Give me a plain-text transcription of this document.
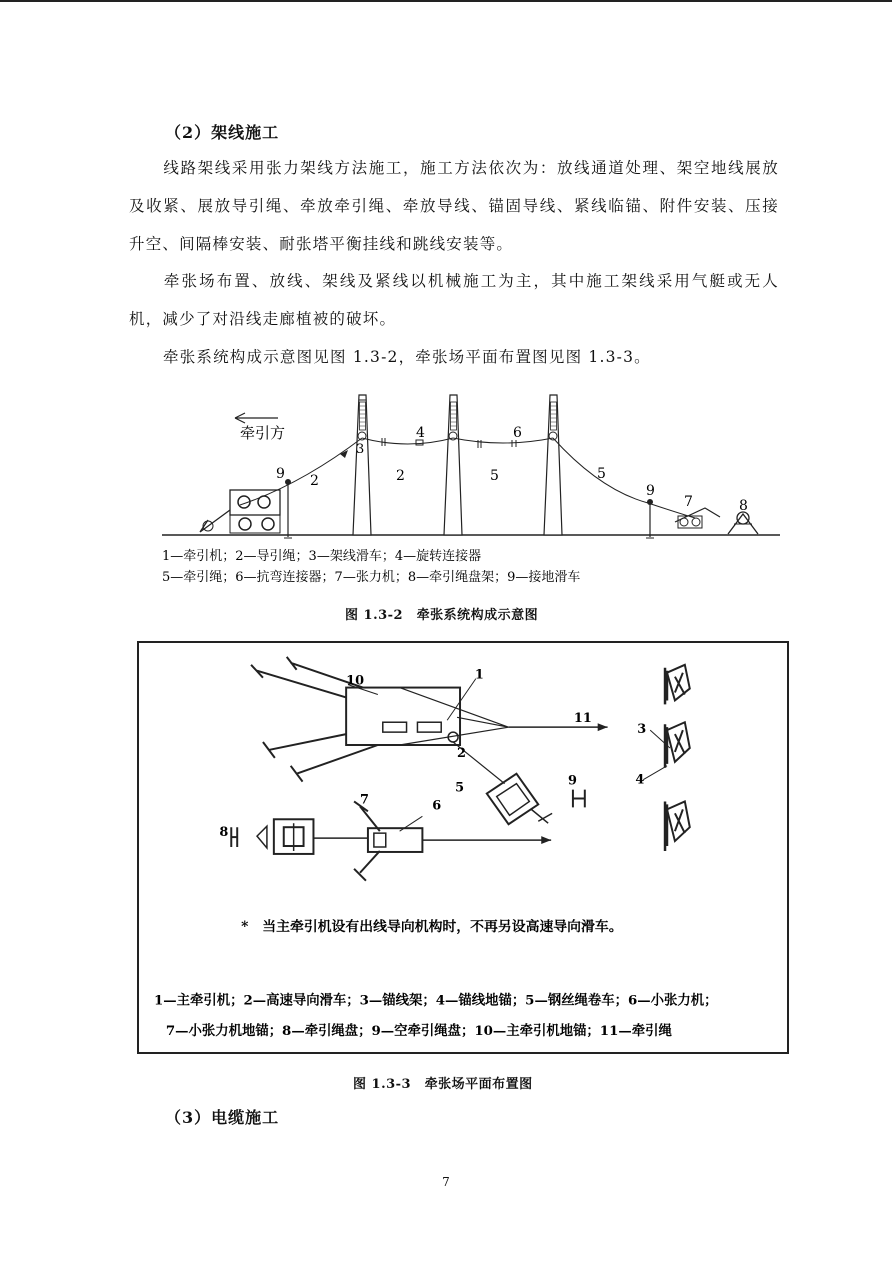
（2）架线施工
线路架线采用张力架线方法施工，施工方法依次为：放线通道处理、架空地线展放及收紧、展放导引绳、牵放牵引绳、牵放导线、锚固导线、紧线临锚、附件安装、压接升空、间隔棒安装、耐张塔平衡挂线和跳线安装等。
牵张场布置、放线、架线及紧线以机械施工为主，其中施工架线采用气艇或无人机，减少了对沿线走廊植被的破坏。
牵张系统构成示意图见图 1.3-2，牵张场平面布置图见图 1.3-3。
牵引方
9 2
3
2
4
5
6
5
9
7	8
1—牵引机；2—导引绳；3—架线滑车；4—旋转连接器
5—牵引绳；6—抗弯连接器；7—张力机；8—牵引绳盘架；9—接地滑车
图 1.3-2　牵张系统构成示意图
10	1
11
3
2
4
5	9
7	6
8
*　当主牵引机设有出线导向机构时，不再另设高速导向滑车。
1—主牵引机；2—高速导向滑车；3—锚线架；4—锚线地锚；5—钢丝绳卷车；6—小张力机；
7—小张力机地锚；8—牵引绳盘；9—空牵引绳盘；10—主牵引机地锚；11—牵引绳
图 1.3-3　牵张场平面布置图
（3）电缆施工
7
